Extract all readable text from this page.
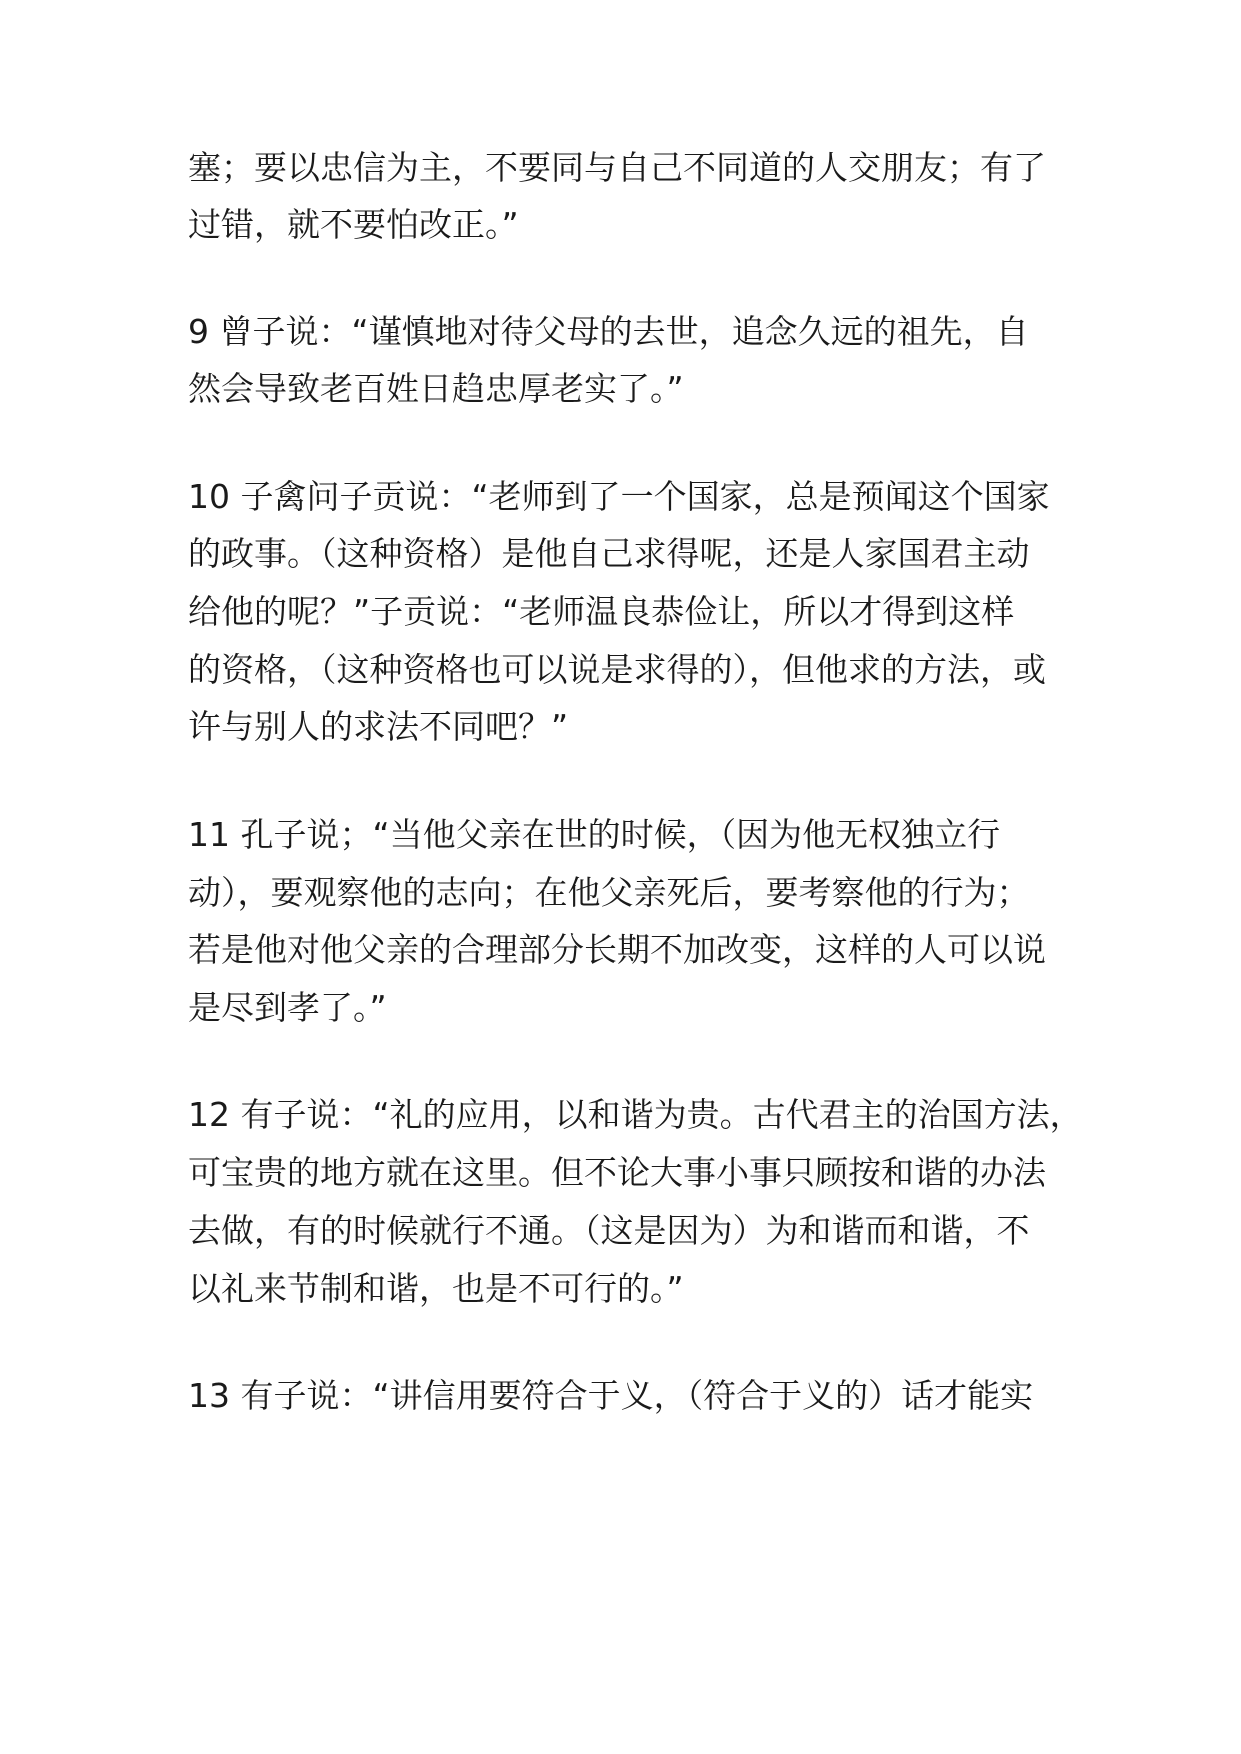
塞；要以忠信为主，不要同与自己不同道的人交朋友；有了
过错，就不要怕改正。”
9 曾子说：“谨慎地对待父母的去世，追念久远的祖先，自
然会导致老百姓日趋忠厚老实了。”
10 子禽问子贡说：“老师到了一个国家，总是预闻这个国家
的政事。（这种资格）是他自己求得呢，还是人家国君主动
给他的呢？”子贡说：“老师温良恭俭让，所以才得到这样
的资格，（这种资格也可以说是求得的），但他求的方法，或
许与别人的求法不同吧？”
11 孔子说；“当他父亲在世的时候，（因为他无权独立行
动），要观察他的志向；在他父亲死后，要考察他的行为；
若是他对他父亲的合理部分长期不加改变，这样的人可以说
是尽到孝了。”
12 有子说：“礼的应用，以和谐为贵。古代君主的治国方法，
可宝贵的地方就在这里。但不论大事小事只顾按和谐的办法
去做，有的时候就行不通。（这是因为）为和谐而和谐，不
以礼来节制和谐，也是不可行的。”
13 有子说：“讲信用要符合于义，（符合于义的）话才能实
